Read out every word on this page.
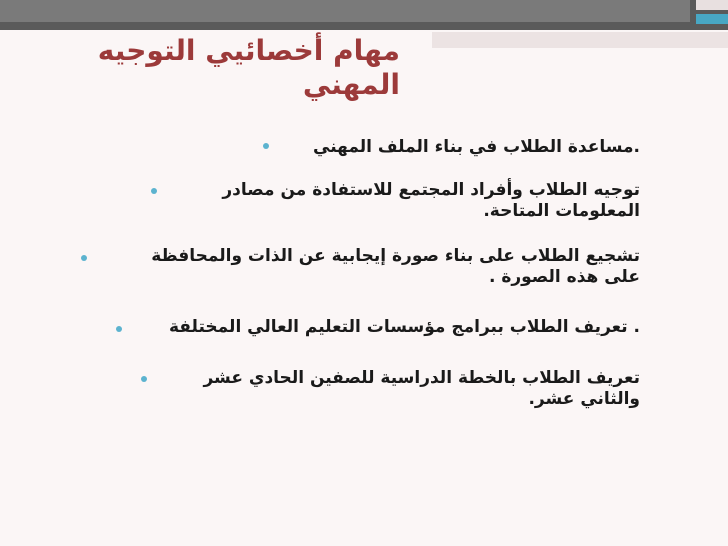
مهام أخصائيي التوجيه المهني
.مساعدة الطلاب في بناء الملف المهني
توجيه الطلاب وأفراد المجتمع للاستفادة من مصادر المعلومات المتاحة.
تشجيع الطلاب على بناء صورة إيجابية عن الذات والمحافظة على هذه الصورة .
. تعريف الطلاب ببرامج مؤسسات التعليم العالي المختلفة
تعريف الطلاب بالخطة الدراسية للصفين الحادي عشر والثاني عشر.
